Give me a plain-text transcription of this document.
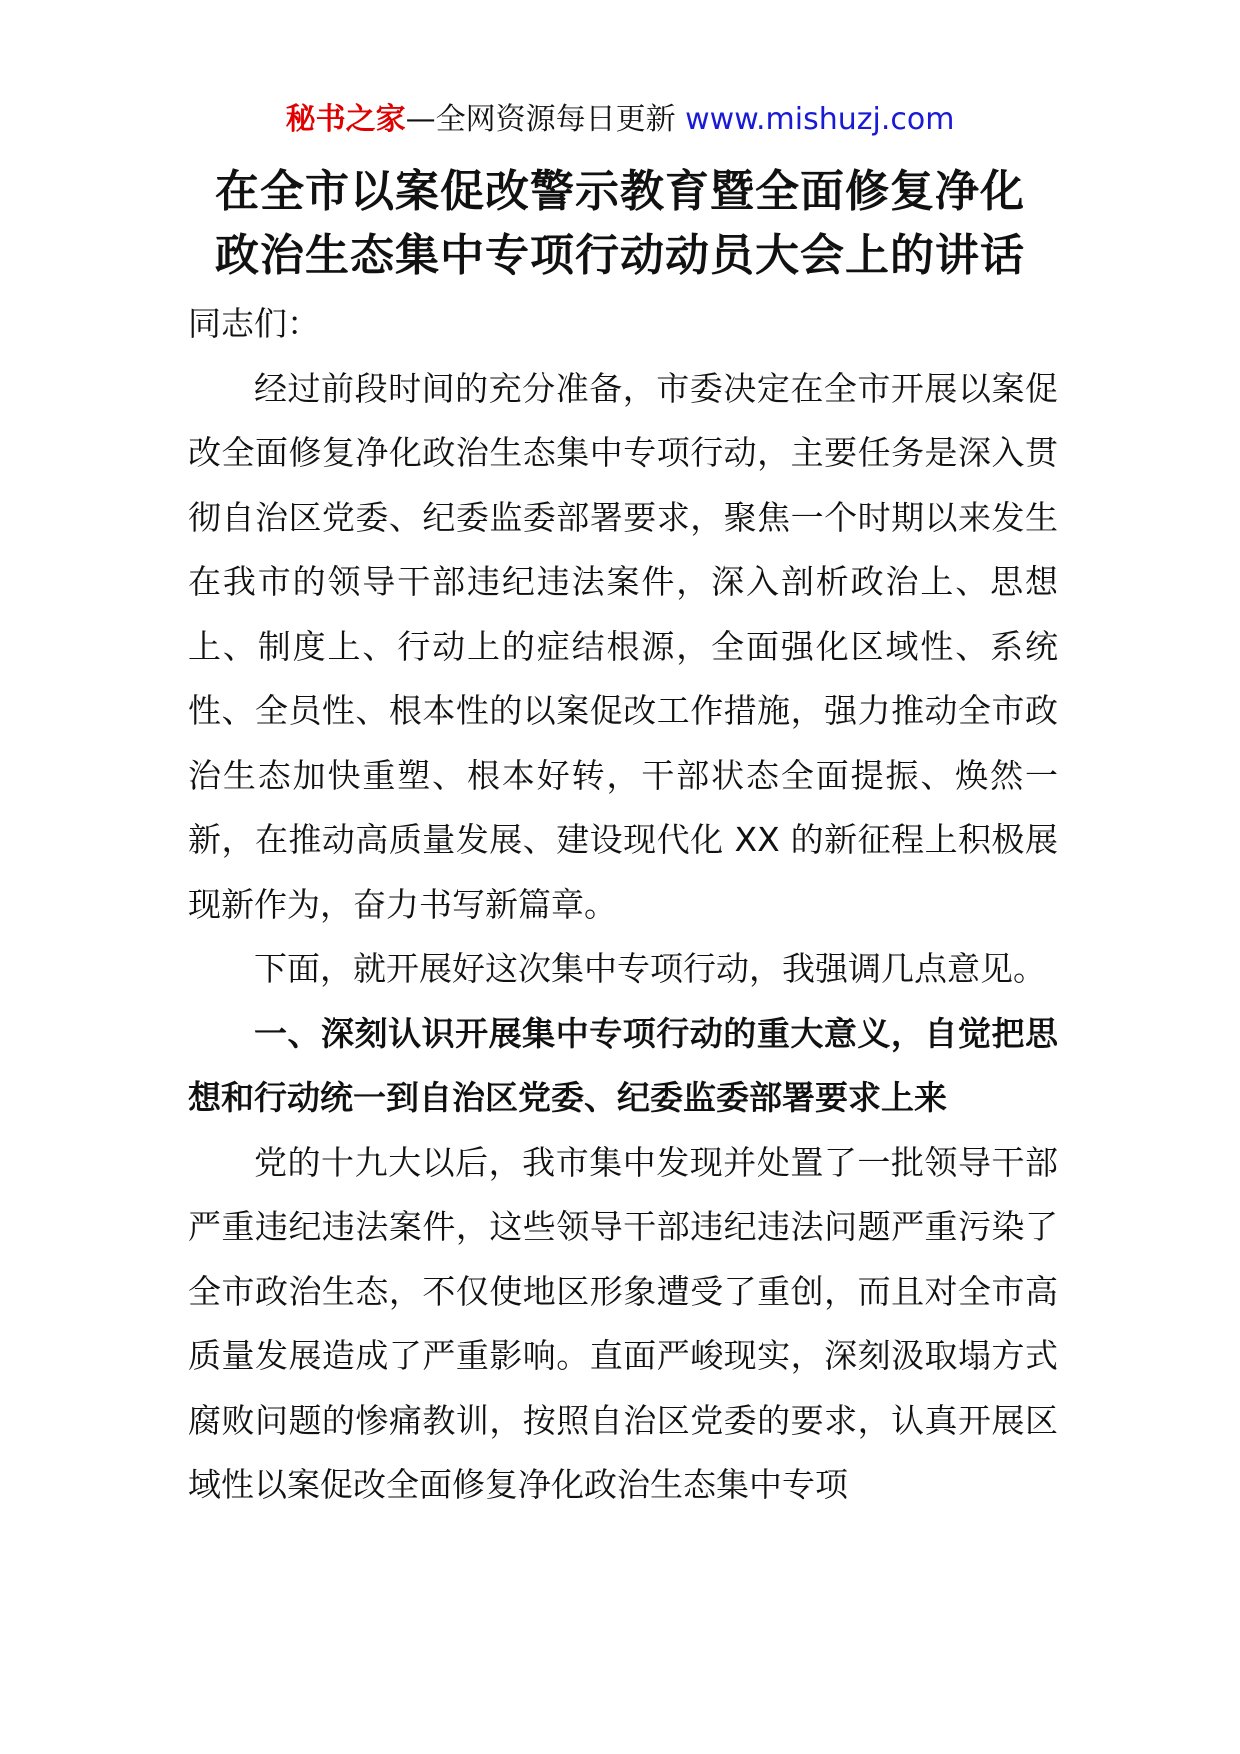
秘书之家—全网资源每日更新 www.mishuzj.com
在全市以案促改警示教育暨全面修复净化
政治生态集中专项行动动员大会上的讲话

同志们：

经过前段时间的充分准备，市委决定在全市开展以案促改全面修复净化政治生态集中专项行动，主要任务是深入贯彻自治区党委、纪委监委部署要求，聚焦一个时期以来发生在我市的领导干部违纪违法案件，深入剖析政治上、思想上、制度上、行动上的症结根源，全面强化区域性、系统性、全员性、根本性的以案促改工作措施，强力推动全市政治生态加快重塑、根本好转，干部状态全面提振、焕然一新，在推动高质量发展、建设现代化 XX 的新征程上积极展现新作为，奋力书写新篇章。

下面，就开展好这次集中专项行动，我强调几点意见。

一、深刻认识开展集中专项行动的重大意义，自觉把思想和行动统一到自治区党委、纪委监委部署要求上来

党的十九大以后，我市集中发现并处置了一批领导干部严重违纪违法案件，这些领导干部违纪违法问题严重污染了全市政治生态，不仅使地区形象遭受了重创，而且对全市高质量发展造成了严重影响。直面严峻现实，深刻汲取塌方式腐败问题的惨痛教训，按照自治区党委的要求，认真开展区域性以案促改全面修复净化政治生态集中专项
